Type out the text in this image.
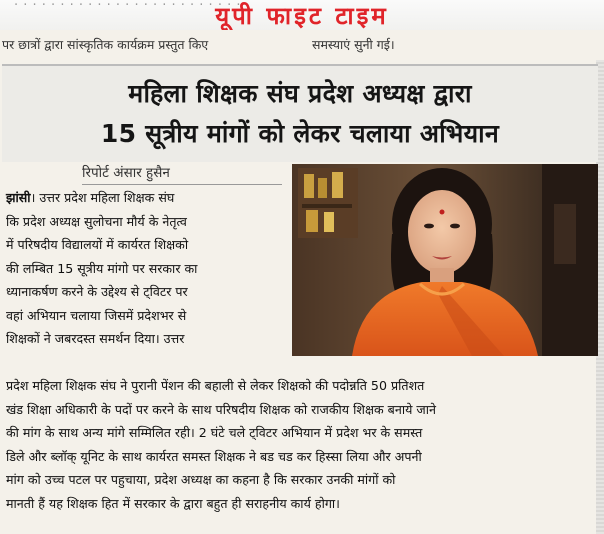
. . . . . . . . . . . . . . . . . . . . . . . . .
यूपी फाइट टाइम
पर छात्रों द्वारा सांस्कृतिक कार्यक्रम प्रस्तुत किए	समस्याएं सुनी गई।
महिला शिक्षक संघ प्रदेश अध्यक्ष द्वारा
15 सूत्रीय मांगों को लेकर चलाया अभियान
रिपोर्ट अंसार हुसैन

झांसी। उत्तर प्रदेश महिला शिक्षक संघ

कि प्रदेश अध्यक्ष सुलोचना मौर्य के नेतृत्व

में परिषदीय विद्यालयों में कार्यरत शिक्षको

की लम्बित 15 सूत्रीय मांगो पर सरकार का

ध्यानाकर्षण करने के उद्देश्य से ट्विटर पर

वहां अभियान चलाया जिसमें प्रदेशभर से

शिक्षकों ने जबरदस्त समर्थन दिया। उत्तर

प्रदेश महिला शिक्षक संघ ने पुरानी पेंशन की बहाली से लेकर शिक्षको की पदोन्नति 50 प्रतिशत

खंड शिक्षा अधिकारी के पदों पर करने के साथ परिषदीय शिक्षक को राजकीय शिक्षक बनाये जाने

की मांग के साथ अन्य मांगे सम्मिलित रही। 2 घंटे चले ट्विटर अभियान में प्रदेश भर के समस्त

डिले और ब्लॉक् यूनिट के साथ कार्यरत समस्त शिक्षक ने बड चड कर हिस्सा लिया और अपनी

मांग को उच्च पटल पर पहुचाया, प्रदेश अध्यक्ष का कहना है कि सरकार उनकी मांगों को

मानती हैं यह शिक्षक हित में सरकार के द्वारा बहुत ही सराहनीय कार्य होगा।
